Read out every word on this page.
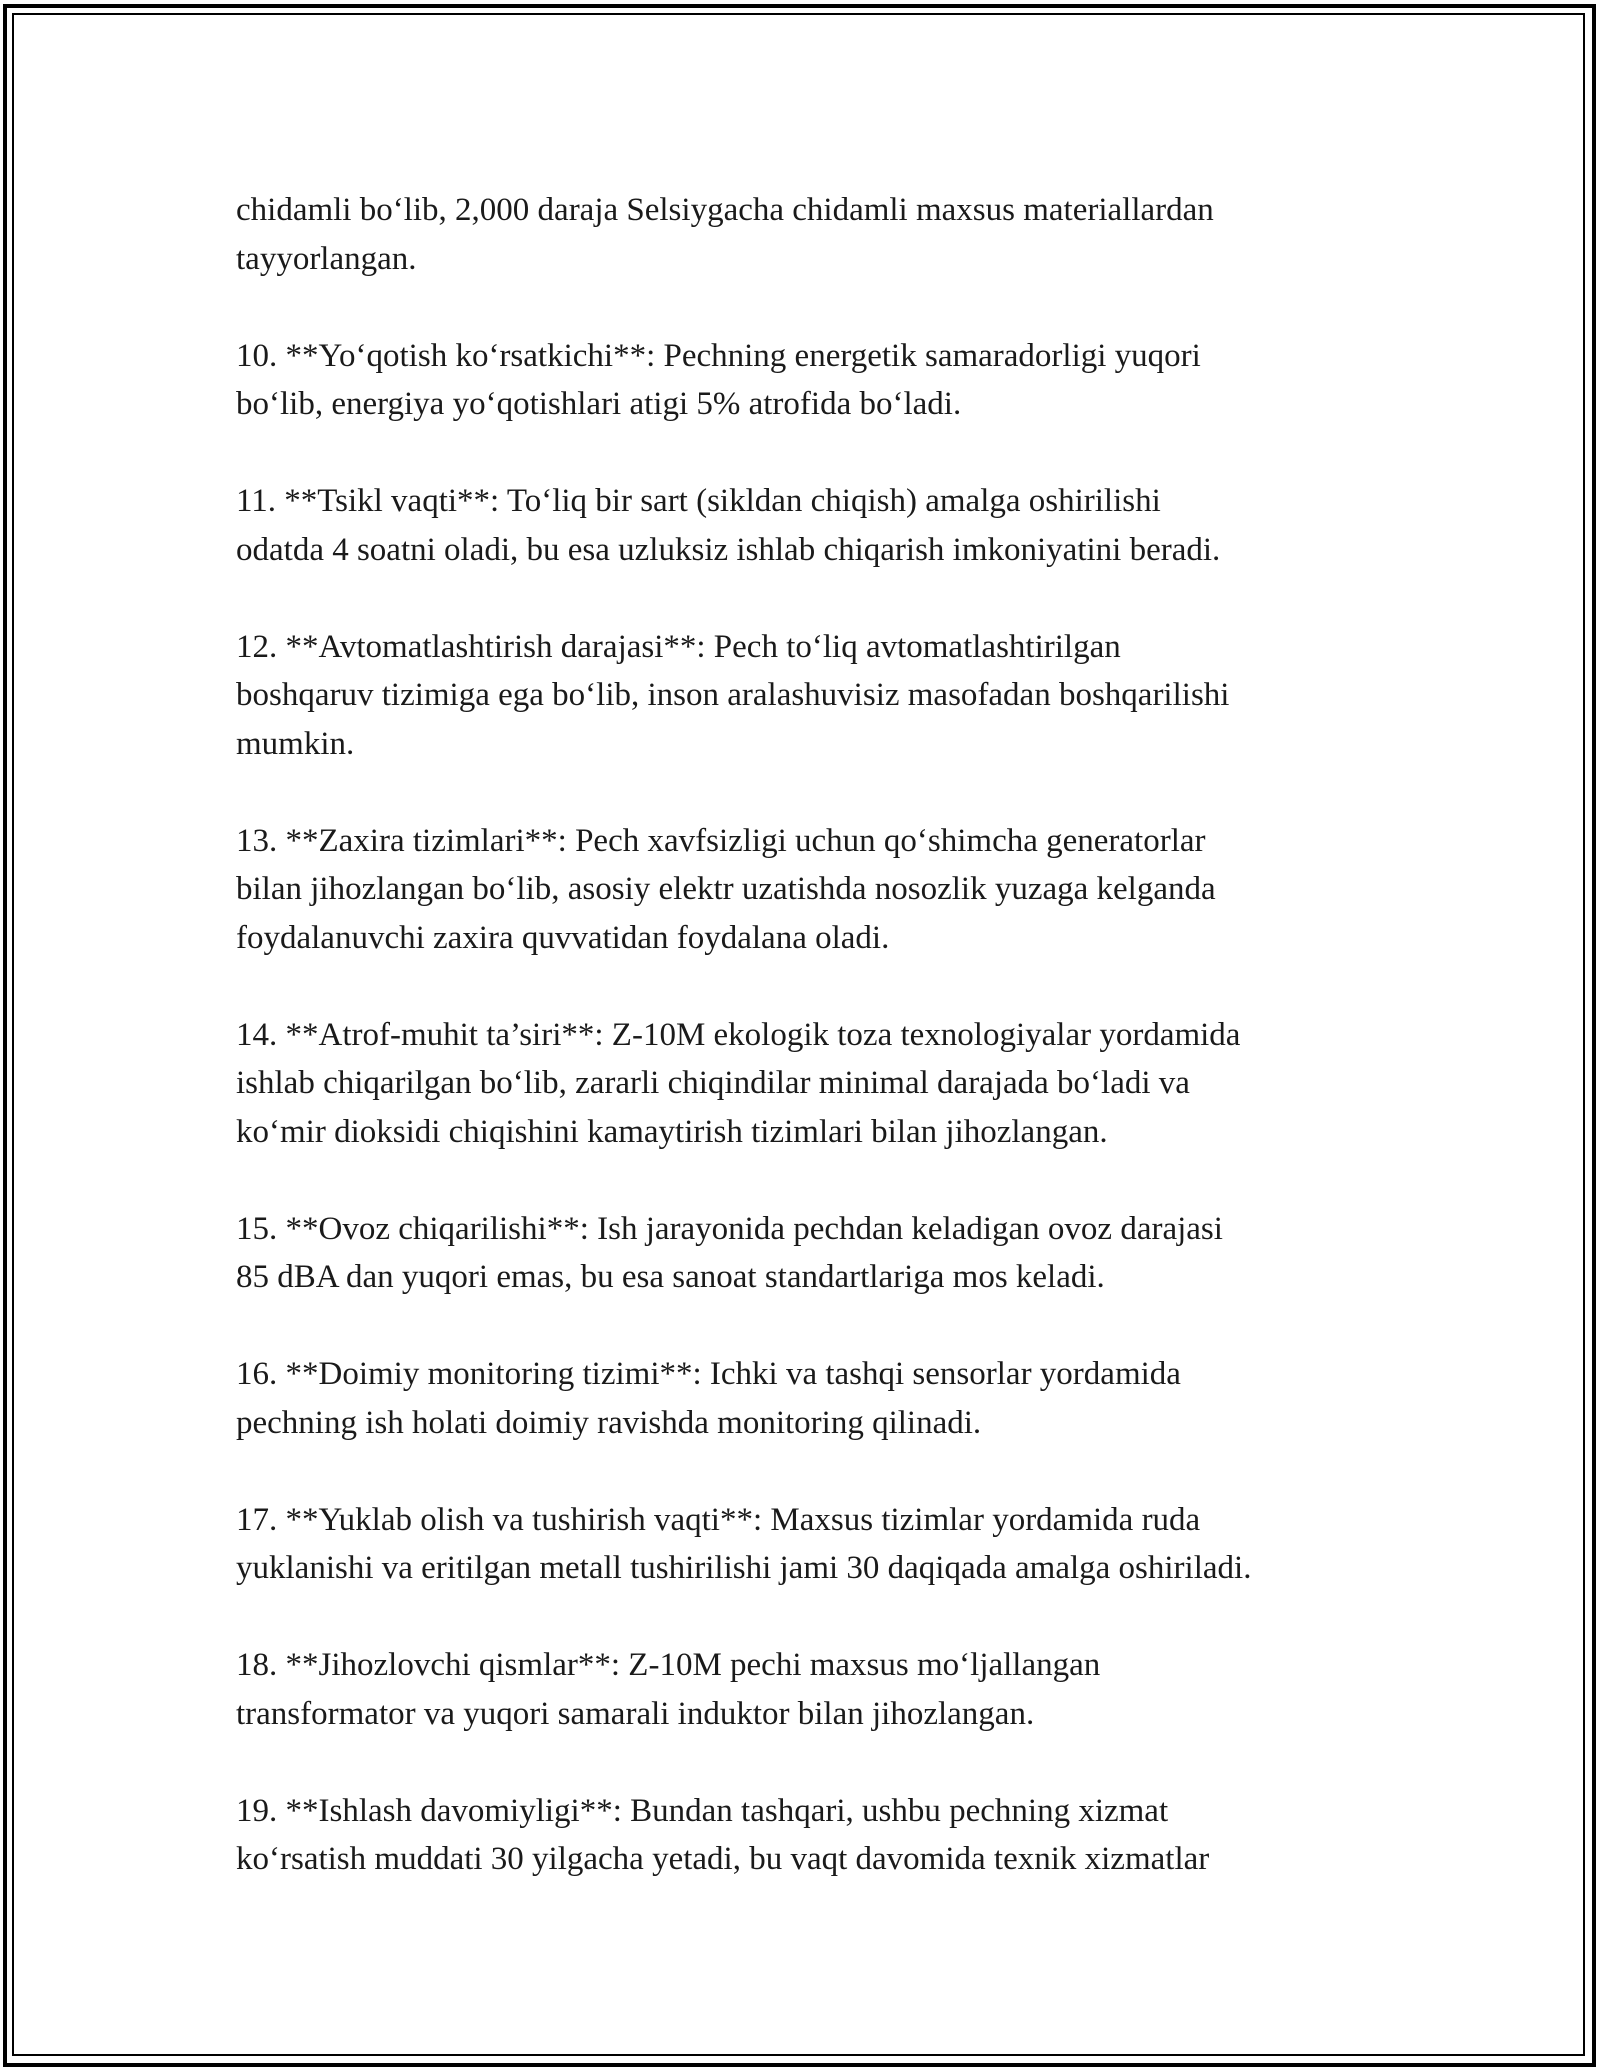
chidamli bo‘lib, 2,000 daraja Selsiygacha chidamli maxsus materiallardan
tayyorlangan.

10. **Yo‘qotish ko‘rsatkichi**: Pechning energetik samaradorligi yuqori
bo‘lib, energiya yo‘qotishlari atigi 5% atrofida bo‘ladi.

11. **Tsikl vaqti**: To‘liq bir sart (sikldan chiqish) amalga oshirilishi
odatda 4 soatni oladi, bu esa uzluksiz ishlab chiqarish imkoniyatini beradi.

12. **Avtomatlashtirish darajasi**: Pech to‘liq avtomatlashtirilgan
boshqaruv tizimiga ega bo‘lib, inson aralashuvisiz masofadan boshqarilishi
mumkin.

13. **Zaxira tizimlari**: Pech xavfsizligi uchun qo‘shimcha generatorlar
bilan jihozlangan bo‘lib, asosiy elektr uzatishda nosozlik yuzaga kelganda
foydalanuvchi zaxira quvvatidan foydalana oladi.

14. **Atrof-muhit ta’siri**: Z-10M ekologik toza texnologiyalar yordamida
ishlab chiqarilgan bo‘lib, zararli chiqindilar minimal darajada bo‘ladi va
ko‘mir dioksidi chiqishini kamaytirish tizimlari bilan jihozlangan.

15. **Ovoz chiqarilishi**: Ish jarayonida pechdan keladigan ovoz darajasi
85 dBA dan yuqori emas, bu esa sanoat standartlariga mos keladi.

16. **Doimiy monitoring tizimi**: Ichki va tashqi sensorlar yordamida
pechning ish holati doimiy ravishda monitoring qilinadi.

17. **Yuklab olish va tushirish vaqti**: Maxsus tizimlar yordamida ruda
yuklanishi va eritilgan metall tushirilishi jami 30 daqiqada amalga oshiriladi.

18. **Jihozlovchi qismlar**: Z-10M pechi maxsus mo‘ljallangan
transformator va yuqori samarali induktor bilan jihozlangan.

19. **Ishlash davomiyligi**: Bundan tashqari, ushbu pechning xizmat
ko‘rsatish muddati 30 yilgacha yetadi, bu vaqt davomida texnik xizmatlar
